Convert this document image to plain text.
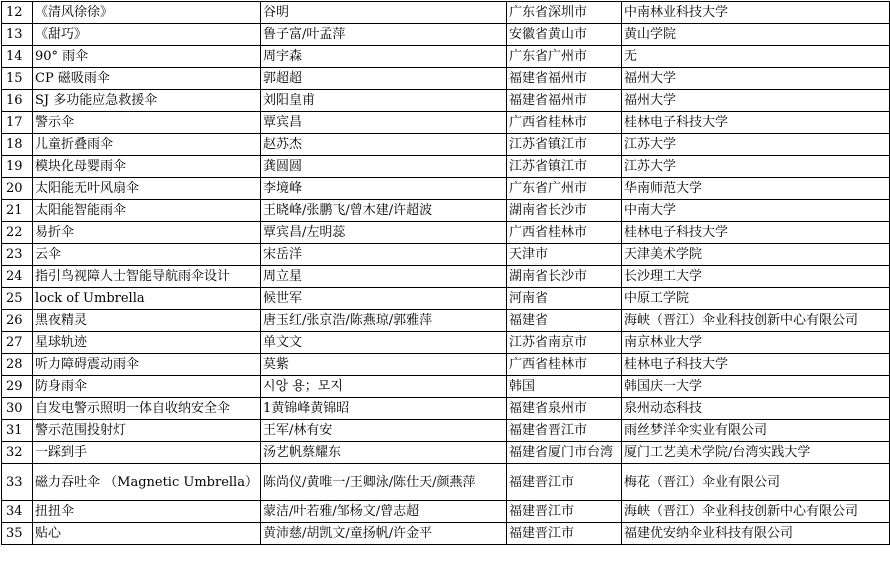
12	《清风徐徐》	谷明	广东省深圳市	中南林业科技大学
13	《甜巧》	鲁子富/叶孟萍	安徽省黄山市	黄山学院
14	90° 雨伞	周宇森	广东省广州市	无
15	CP 磁吸雨伞	郭超超	福建省福州市	福州大学
16	SJ 多功能应急救援伞	刘阳皇甫	福建省福州市	福州大学
17	警示伞	覃宾昌	广西省桂林市	桂林电子科技大学
18	儿童折叠雨伞	赵苏杰	江苏省镇江市	江苏大学
19	模块化母婴雨伞	龚圆圆	江苏省镇江市	江苏大学
20	太阳能无叶风扇伞	李境峰	广东省广州市	华南师范大学
21	太阳能智能雨伞	王晓峰/张鹏飞/曾木建/许超波	湖南省长沙市	中南大学
22	易折伞	覃宾昌/左明蕊	广西省桂林市	桂林电子科技大学
23	云伞	宋岳洋	天津市	天津美术学院
24	指引鸟视障人士智能导航雨伞设计	周立星	湖南省长沙市	长沙理工大学
25	lock of Umbrella	候世军	河南省	中原工学院
26	黑夜精灵	唐玉红/张京浩/陈燕琼/郭雅萍	福建省	海峡（晋江）伞业科技创新中心有限公司
27	星球轨迹	单文文	江苏省南京市	南京林业大学
28	听力障碍震动雨伞	莫紫	广西省桂林市	桂林电子科技大学
29	防身雨伞	시앙 용；모지	韩国	韩国庆一大学
30	自发电警示照明一体自收纳安全伞	1黄锦峰黄锦昭	福建省泉州市	泉州动态科技
31	警示范围投射灯	王军/林有安	福建省晋江市	雨丝梦洋伞实业有限公司
32	一踩到手	汤艺帆蔡耀东	福建省厦门市台湾	厦门工艺美术学院/台湾实践大学
33	磁力吞吐伞 （Magnetic Umbrella）	陈尚仪/黄唯一/王卿泳/陈仕天/颜燕萍	福建晋江市	梅花（晋江）伞业有限公司
34	扭扭伞	蒙洁/叶若雅/邹杨文/曾志超	福建晋江市	海峡（晋江）伞业科技创新中心有限公司
35	贴心	黄沛慈/胡凯文/童扬帆/许金平	福建晋江市	福建优安纳伞业科技有限公司
